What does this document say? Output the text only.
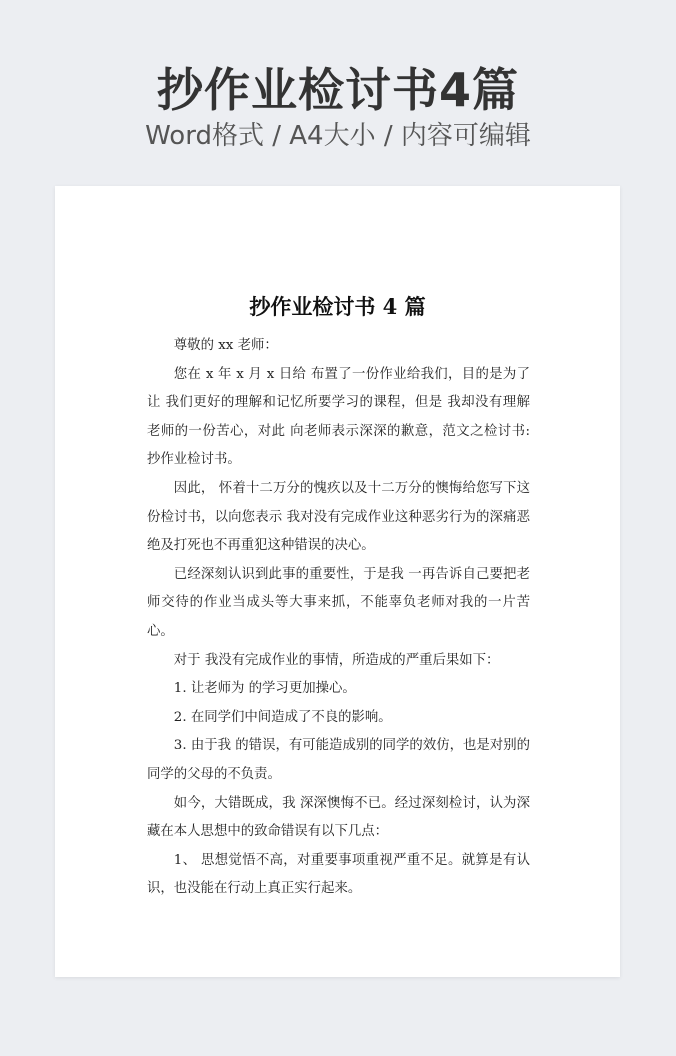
抄作业检讨书4篇
Word格式 / A4大小 / 内容可编辑
抄作业检讨书 4 篇

尊敬的 xx 老师：

您在 x 年 x 月 x 日给 布置了一份作业给我们，目的是为了让 我们更好的理解和记忆所要学习的课程，但是 我却没有理解老师的一份苦心，对此 向老师表示深深的歉意，范文之检讨书:抄作业检讨书。

因此， 怀着十二万分的愧疚以及十二万分的懊悔给您写下这份检讨书，以向您表示 我对没有完成作业这种恶劣行为的深痛恶绝及打死也不再重犯这种错误的决心。

已经深刻认识到此事的重要性，于是我 一再告诉自己要把老师交待的作业当成头等大事来抓，不能辜负老师对我的一片苦心。

对于 我没有完成作业的事情，所造成的严重后果如下：

1. 让老师为 的学习更加操心。

2. 在同学们中间造成了不良的影响。

3. 由于我 的错误，有可能造成别的同学的效仿，也是对别的同学的父母的不负责。

如今，大错既成，我 深深懊悔不已。经过深刻检讨，认为深藏在本人思想中的致命错误有以下几点：

1、 思想觉悟不高，对重要事项重视严重不足。就算是有认识，也没能在行动上真正实行起来。
